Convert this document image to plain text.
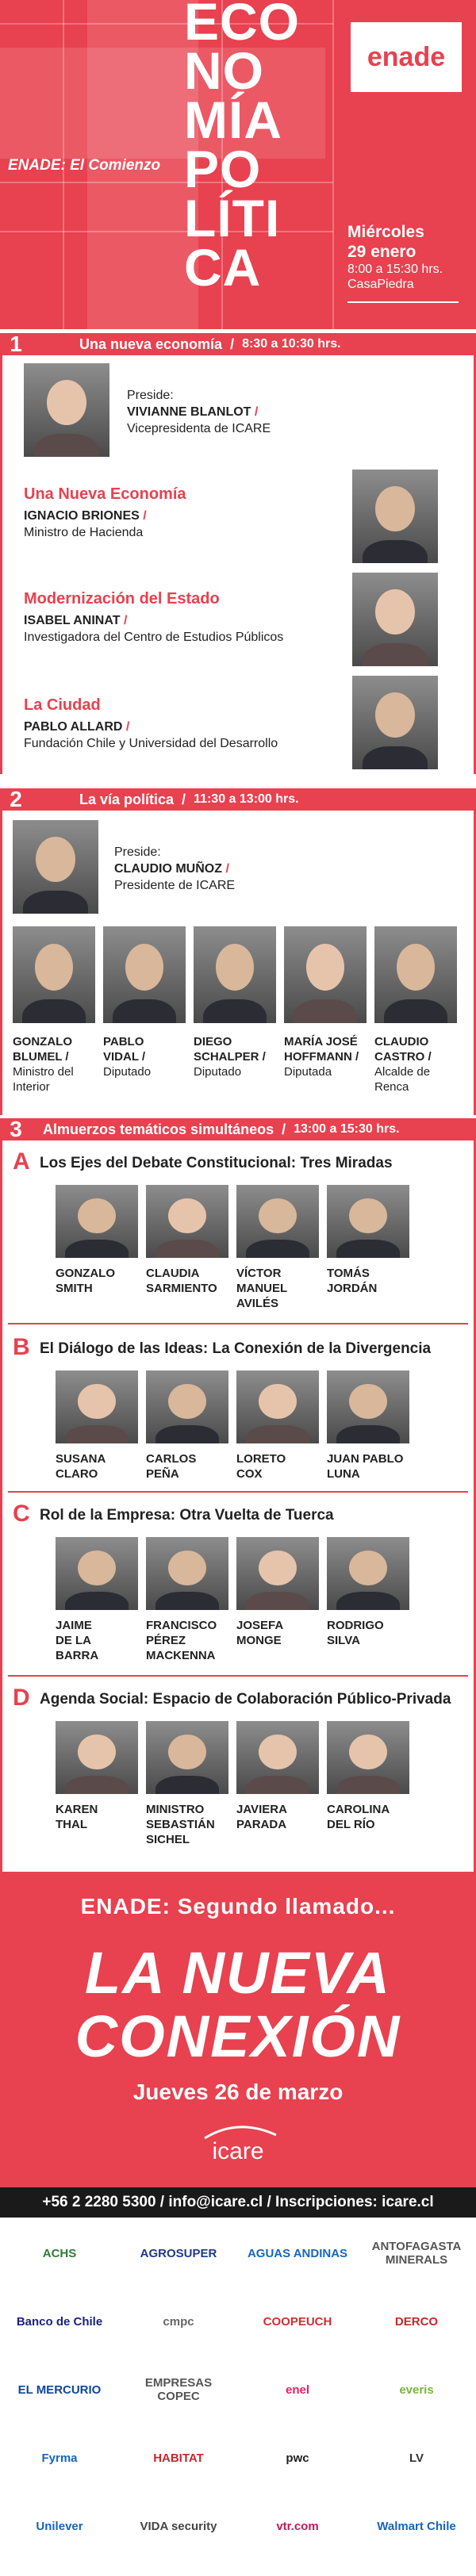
ECO
NO
MÍA
PO
LÍTI
CA
ENADE: El Comienzo
enade
Miércoles
29 enero
8:00 a 15:30 hrs.
CasaPiedra
1	Una nueva economía / 8:30 a 10:30 hrs.
Preside:
VIVIANNE BLANLOT /
Vicepresidenta de ICARE
Una Nueva Economía
IGNACIO BRIONES /
Ministro de Hacienda
Modernización del Estado
ISABEL ANINAT /
Investigadora del Centro de Estudios Públicos
La Ciudad
PABLO ALLARD /
Fundación Chile y Universidad del Desarrollo
2	La vía política / 11:30 a 13:00 hrs.
Preside:
CLAUDIO MUÑOZ /
Presidente de ICARE
GONZALO
BLUMEL /
Ministro del
Interior
PABLO
VIDAL /
Diputado
DIEGO
SCHALPER /
Diputado
MARÍA JOSÉ
HOFFMANN /
Diputada
CLAUDIO
CASTRO /
Alcalde de
Renca
3	Almuerzos temáticos simultáneos / 13:00 a 15:30 hrs.
A Los Ejes del Debate Constitucional: Tres Miradas
GONZALO
SMITH
CLAUDIA
SARMIENTO
VÍCTOR
MANUEL
AVILÉS
TOMÁS
JORDÁN
B El Diálogo de las Ideas: La Conexión de la Divergencia
SUSANA
CLARO
CARLOS
PEÑA
LORETO
COX
JUAN PABLO
LUNA
C Rol de la Empresa: Otra Vuelta de Tuerca
JAIME
DE LA
BARRA
FRANCISCO
PÉREZ
MACKENNA
JOSEFA
MONGE
RODRIGO
SILVA
D Agenda Social: Espacio de Colaboración Público-Privada
KAREN
THAL
MINISTRO
SEBASTIÁN
SICHEL
JAVIERA
PARADA
CAROLINA
DEL RÍO
ENADE: Segundo llamado...
LA NUEVA
CONEXIÓN
Jueves 26 de marzo
icare
+56 2 2280 5300 / info@icare.cl / Inscripciones: icare.cl
ACHS	AGROSUPER	AGUAS ANDINAS	ANTOFAGASTA MINERALS
Banco de Chile	cmpc	COOPEUCH	DERCO
EL MERCURIO	EMPRESAS COPEC	enel	everis
Fyrma	HABITAT	pwc	LV
Unilever	VIDA security	vtr.com	Walmart Chile
